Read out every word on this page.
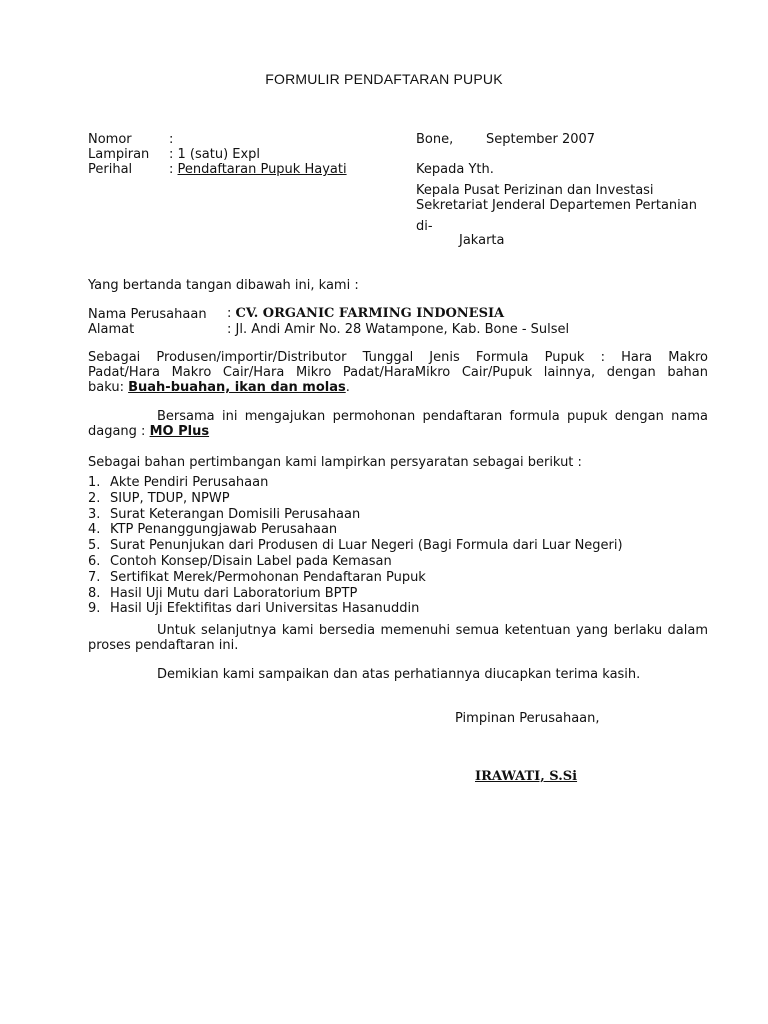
FORMULIR PENDAFTARAN PUPUK
Nomor	:
Lampiran : 1 (satu) Expl
Perihal	: Pendaftaran Pupuk Hayati
Bone,	September 2007
Kepada Yth.
Kepala Pusat Perizinan dan Investasi
Sekretariat Jenderal Departemen Pertanian
di-
Jakarta
Yang bertanda tangan dibawah ini, kami :
Nama Perusahaan : CV. ORGANIC FARMING INDONESIA
Alamat	: Jl. Andi Amir No. 28 Watampone, Kab. Bone - Sulsel
Sebagai Produsen/importir/Distributor Tunggal Jenis Formula Pupuk : Hara Makro
Padat/Hara Makro Cair/Hara Mikro Padat/HaraMikro Cair/Pupuk lainnya, dengan bahan
baku: Buah-buahan, ikan dan molas.
Bersama ini mengajukan permohonan pendaftaran formula pupuk dengan nama
dagang : MO Plus
Sebagai bahan pertimbangan kami lampirkan persyaratan sebagai berikut :
1. Akte Pendiri Perusahaan
2. SIUP, TDUP, NPWP
3. Surat Keterangan Domisili Perusahaan
4. KTP Penanggungjawab Perusahaan
5. Surat Penunjukan dari Produsen di Luar Negeri (Bagi Formula dari Luar Negeri)
6. Contoh Konsep/Disain Label pada Kemasan
7. Sertifikat Merek/Permohonan Pendaftaran Pupuk
8. Hasil Uji Mutu dari Laboratorium BPTP
9. Hasil Uji Efektifitas dari Universitas Hasanuddin
Untuk selanjutnya kami bersedia memenuhi semua ketentuan yang berlaku dalam
proses pendaftaran ini.
Demikian kami sampaikan dan atas perhatiannya diucapkan terima kasih.
Pimpinan Perusahaan,
IRAWATI, S.Si
